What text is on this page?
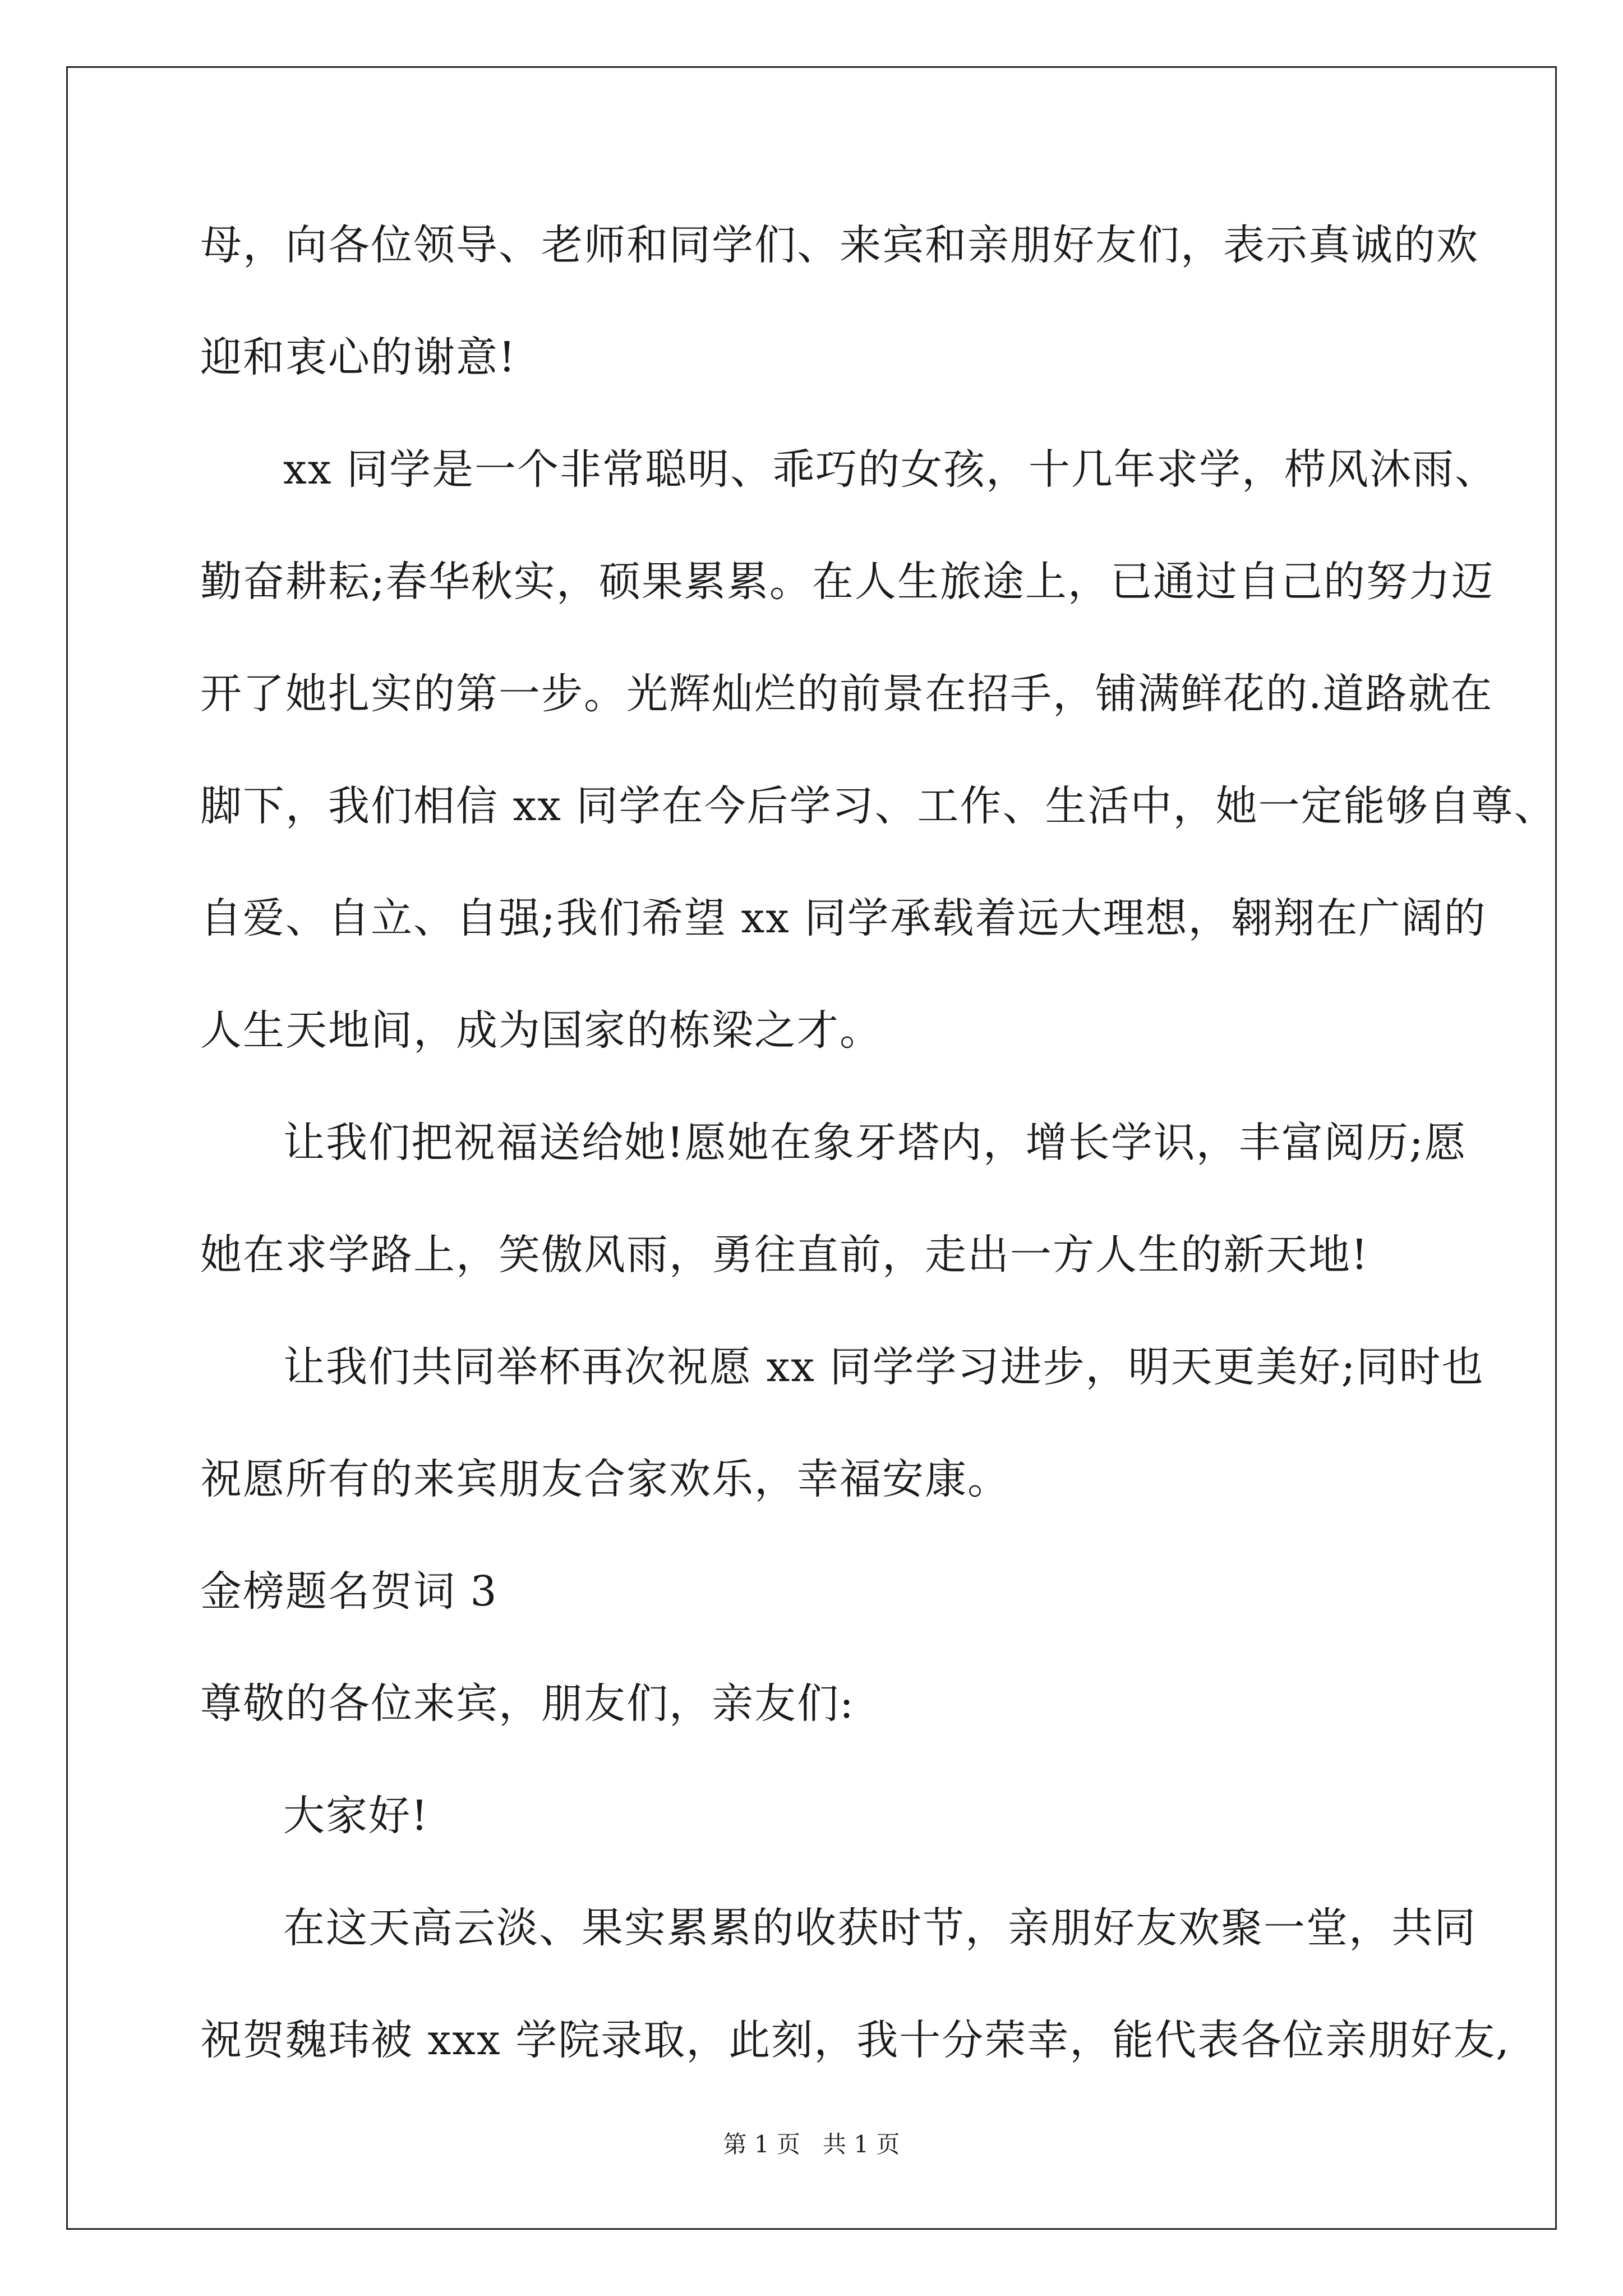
母，向各位领导、老师和同学们、来宾和亲朋好友们，表示真诚的欢
迎和衷心的谢意!
xx 同学是一个非常聪明、乖巧的女孩，十几年求学，栉风沐雨、
勤奋耕耘;春华秋实，硕果累累。在人生旅途上，已通过自己的努力迈
开了她扎实的第一步。光辉灿烂的前景在招手，铺满鲜花的.道路就在
脚下，我们相信 xx 同学在今后学习、工作、生活中，她一定能够自尊、
自爱、自立、自强;我们希望 xx 同学承载着远大理想，翱翔在广阔的
人生天地间，成为国家的栋梁之才。
让我们把祝福送给她!愿她在象牙塔内，增长学识，丰富阅历;愿
她在求学路上，笑傲风雨，勇往直前，走出一方人生的新天地!
让我们共同举杯再次祝愿 xx 同学学习进步，明天更美好;同时也
祝愿所有的来宾朋友合家欢乐，幸福安康。
金榜题名贺词 3
尊敬的各位来宾，朋友们，亲友们:
大家好!
在这天高云淡、果实累累的收获时节，亲朋好友欢聚一堂，共同
祝贺魏玮被 xxx 学院录取，此刻，我十分荣幸，能代表各位亲朋好友,
第 1 页   共 1 页
